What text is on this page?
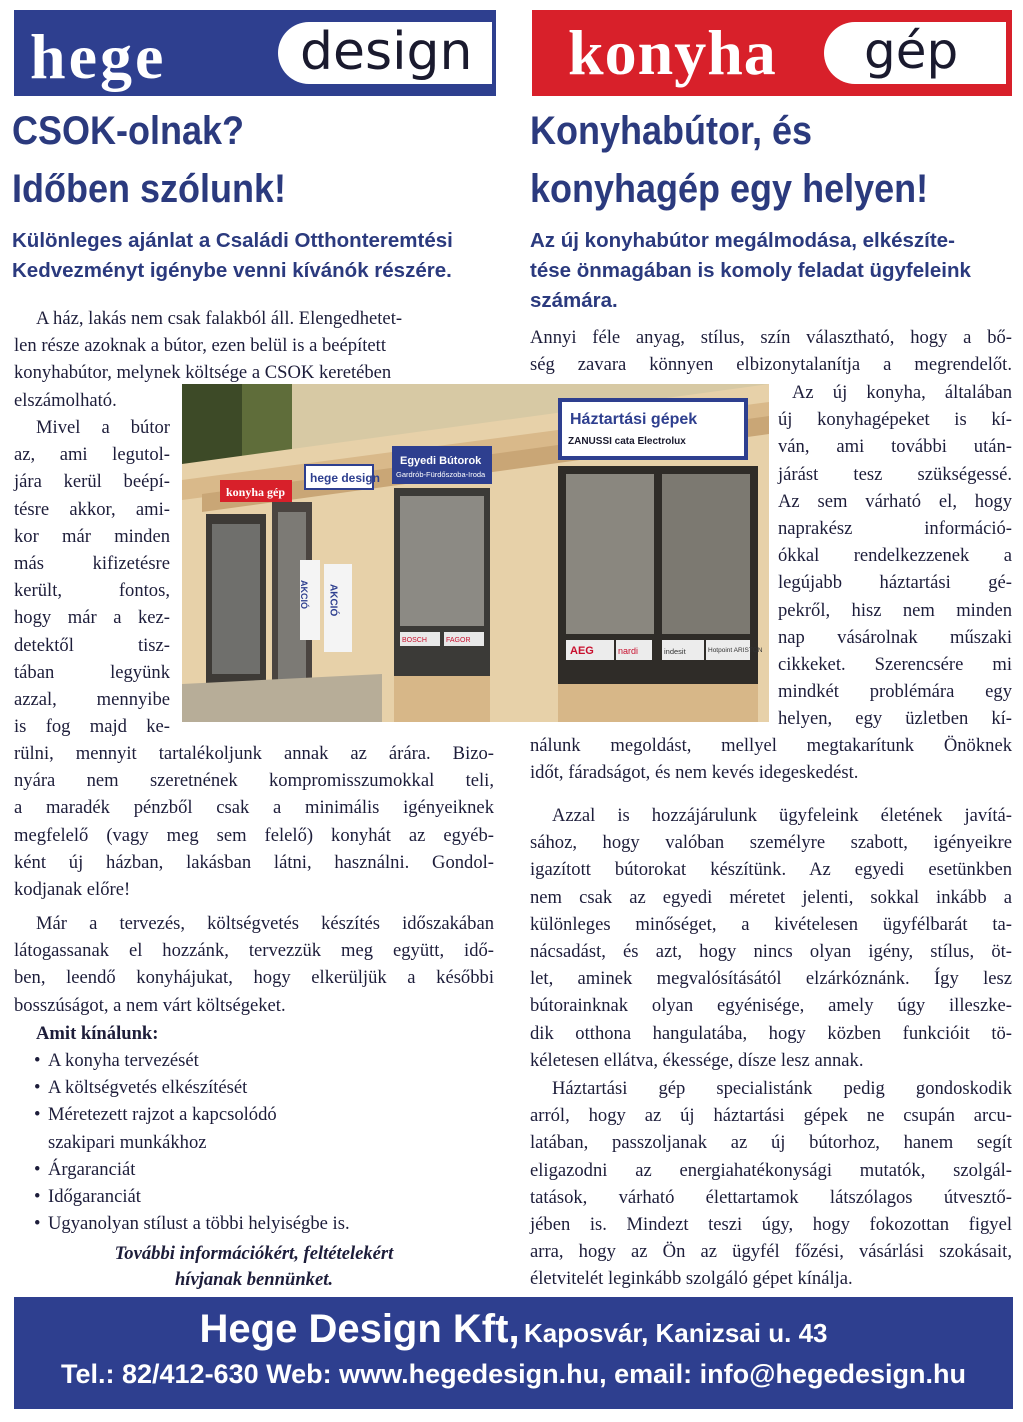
hege	design konyha gép
CSOK-olnak?
Időben szólunk!
Különleges ajánlat a Családi Otthonteremtési
Kedvezményt igénybe venni kívánók részére.
Konyhabútor, és
konyhagép egy helyen!
Az új konyhabútor megálmodása, elkészíte-
tése önmagában is komoly feladat ügyfeleink
számára.
A ház, lakás nem csak falakból áll. Elengedhetet-
len része azoknak a bútor, ezen belül is a beépített
konyhabútor, melynek költsége a CSOK keretében
elszámolható.
Mivel a bútor
az, ami legutol-
jára kerül beépí-
tésre akkor, ami-
kor már minden
más kifizetésre
került, fontos,
hogy már a kez-
detektől tisz-
tában legyünk
azzal, mennyibe
is fog majd ke-
rülni, mennyit tartalékoljunk annak az árára. Bizo-
nyára nem szeretnének kompromisszumokkal teli,
a maradék pénzből csak a minimális igényeiknek
megfelelő (vagy meg sem felelő) konyhát az egyéb-
ként új házban, lakásban látni, használni. Gondol-
kodjanak előre!
Már a tervezés, költségvetés készítés időszakában
látogassanak el hozzánk, tervezzük meg együtt, idő-
ben, leendő konyhájukat, hogy elkerüljük a későbbi
bosszúságot, a nem várt költségeket.
Amit kínálunk:
• A konyha tervezését
• A költségvetés elkészítését
• Méretezett rajzot a kapcsolódó
szakipari munkákhoz
• Árgaranciát
• Időgaranciát
• Ugyanolyan stílust a többi helyiségbe is.
További információkért, feltételekért
hívjanak bennünket.
Annyi féle anyag, stílus, szín választható, hogy a bő-
ség zavara könnyen elbizonytalanítja a megrendelőt.
Az új konyha, általában
új konyhagépeket is kí-
ván, ami további után-
járást tesz szükségessé.
Az sem várható el, hogy
naprakész információ-
ókkal rendelkezzenek a
legújabb háztartási gé-
pekről, hisz nem minden
nap vásárolnak műszaki
cikkeket. Szerencsére mi
mindkét problémára egy
helyen, egy üzletben kí-
nálunk megoldást, mellyel megtakarítunk Önöknek
időt, fáradságot, és nem kevés idegeskedést.
Azzal is hozzájárulunk ügyfeleink életének javítá-
sához, hogy valóban személyre szabott, igényeikre
igazított bútorokat készítünk. Az egyedi esetünkben
nem csak az egyedi méretet jelenti, sokkal inkább a
különleges minőséget, a kivételesen ügyfélbarát ta-
nácsadást, és azt, hogy nincs olyan igény, stílus, öt-
let, aminek megvalósításától elzárkóznánk. Így lesz
bútorainknak olyan egyénisége, amely úgy illeszke-
dik otthona hangulatába, hogy közben funkcióit tö-
kéletesen ellátva, ékessége, dísze lesz annak.
Háztartási gép specialistánk pedig gondoskodik
arról, hogy az új háztartási gépek ne csupán arcu-
latában, passzoljanak az új bútorhoz, hanem segít
eligazodni az energiahatékonysági mutatók, szolgál-
tatások, várható élettartamok látszólagos útvesztő-
jében is. Mindezt teszi úgy, hogy fokozottan figyel
arra, hogy az Ön az ügyfél főzési, vásárlási szokásait,
életvitelét leginkább szolgáló gépet kínálja.
konyha gép
hege design
Egyedi Bútorok
Gardrób-Fürdőszoba-Iroda
BOSCH	FAGOR
Háztartási gépek
ZANUSSI cata Electrolux
AEG	nardi	indesit	Hotpoint ARISTON
AKCIÓ AKCIÓ
Hege Design Kft, Kaposvár, Kanizsai u. 43
Tel.: 82/412-630 Web: www.hegedesign.hu, email: info@hegedesign.hu
